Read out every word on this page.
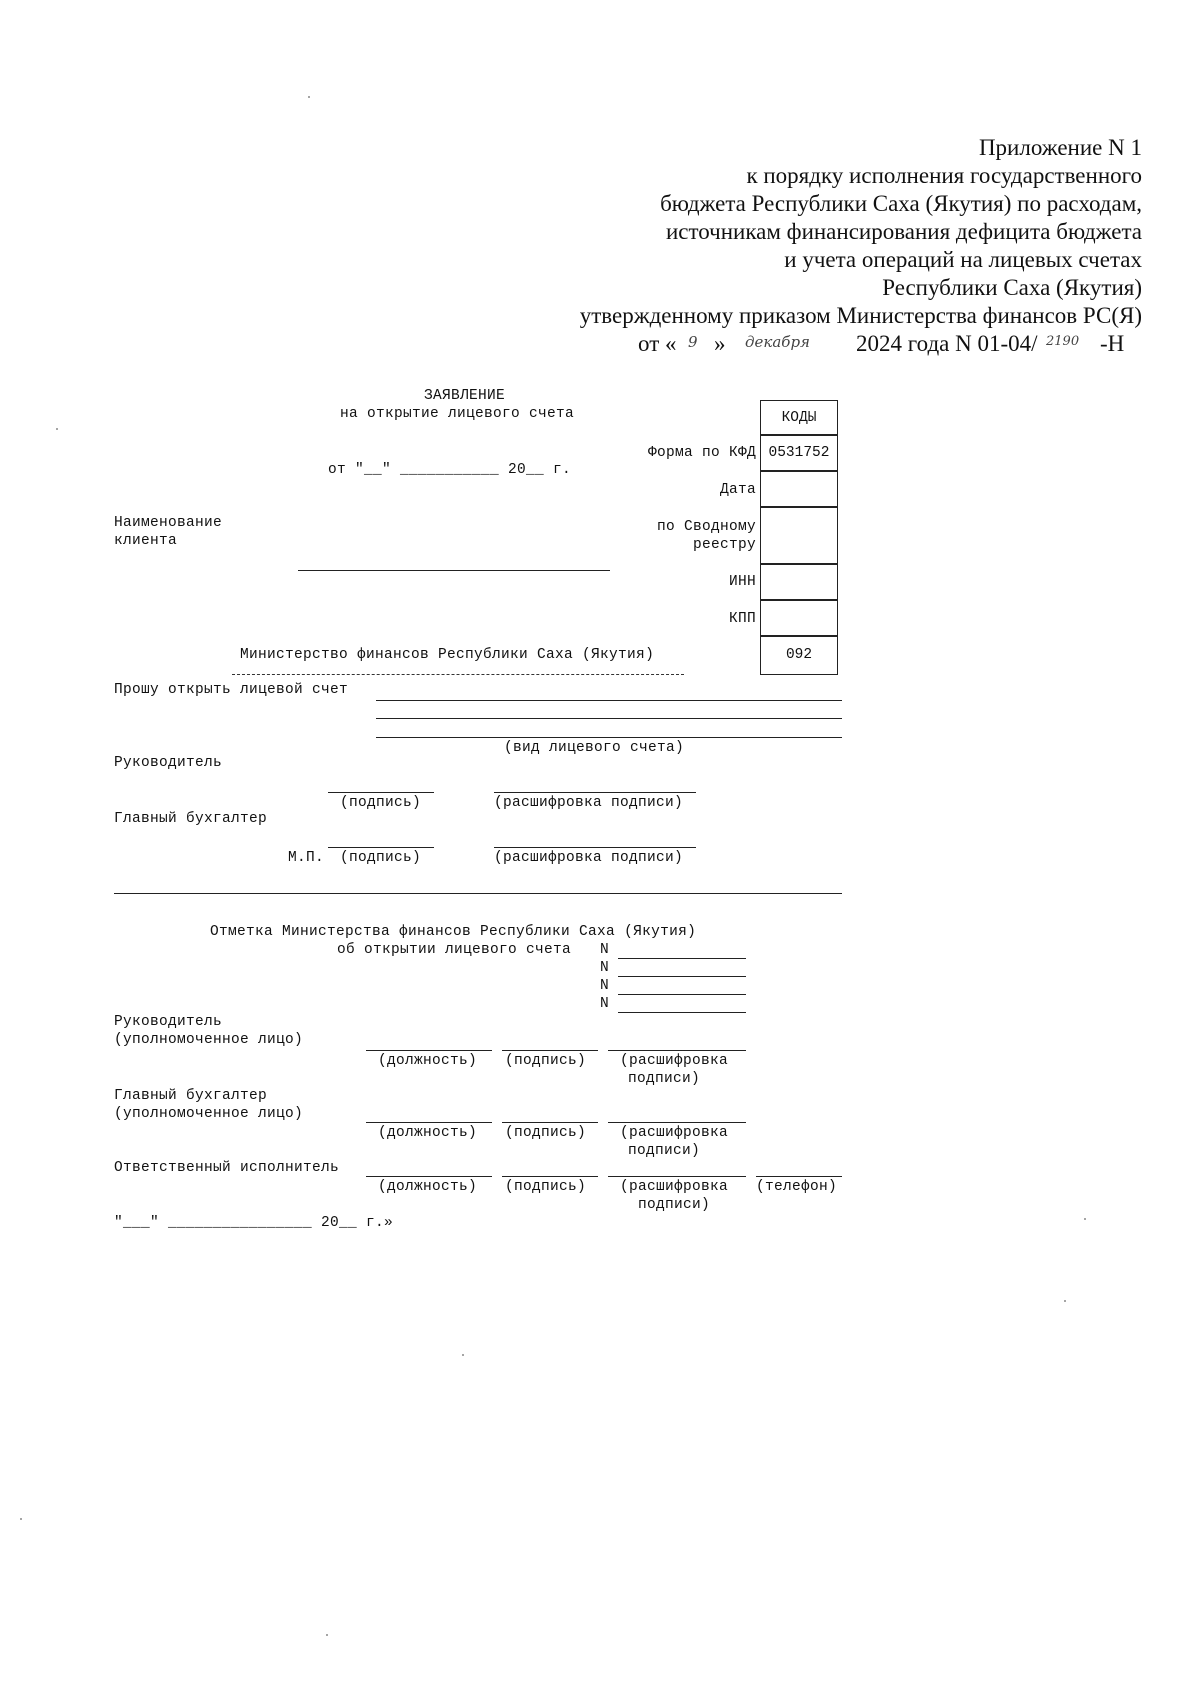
Приложение N 1
к порядку исполнения государственного
бюджета Республики Саха (Якутия) по расходам,
источникам финансирования дефицита бюджета
и учета операций на лицевых счетах
Республики Саха (Якутия)
утвержденному приказом Министерства финансов РС(Я)
от « 9 » декабря 2024 года N 01-04/ 2190 -Н
ЗАЯВЛЕНИЕ
на открытие лицевого счета
от "__" ___________ 20__ г.
Наименование
клиента
Форма по КФД
Дата
по Сводному
реестру
ИНН
КПП
КОДЫ
0531752
092
Министерство финансов Республики Саха (Якутия)
Прошу открыть лицевой счет
(вид лицевого счета)
Руководитель
(подпись)	(расшифровка подписи)
Главный бухгалтер
М.П. (подпись)	(расшифровка подписи)
Отметка Министерства финансов Республики Саха (Якутия)
об открытии лицевого счета N
N
N
N
Руководитель
(уполномоченное лицо)
(должность) (подпись) (расшифровка
подписи)
Главный бухгалтер
(уполномоченное лицо)
(должность) (подпись) (расшифровка
подписи)
Ответственный исполнитель
(должность) (подпись) (расшифровка
подписи)
(телефон)
"___" ________________ 20__ г.»
